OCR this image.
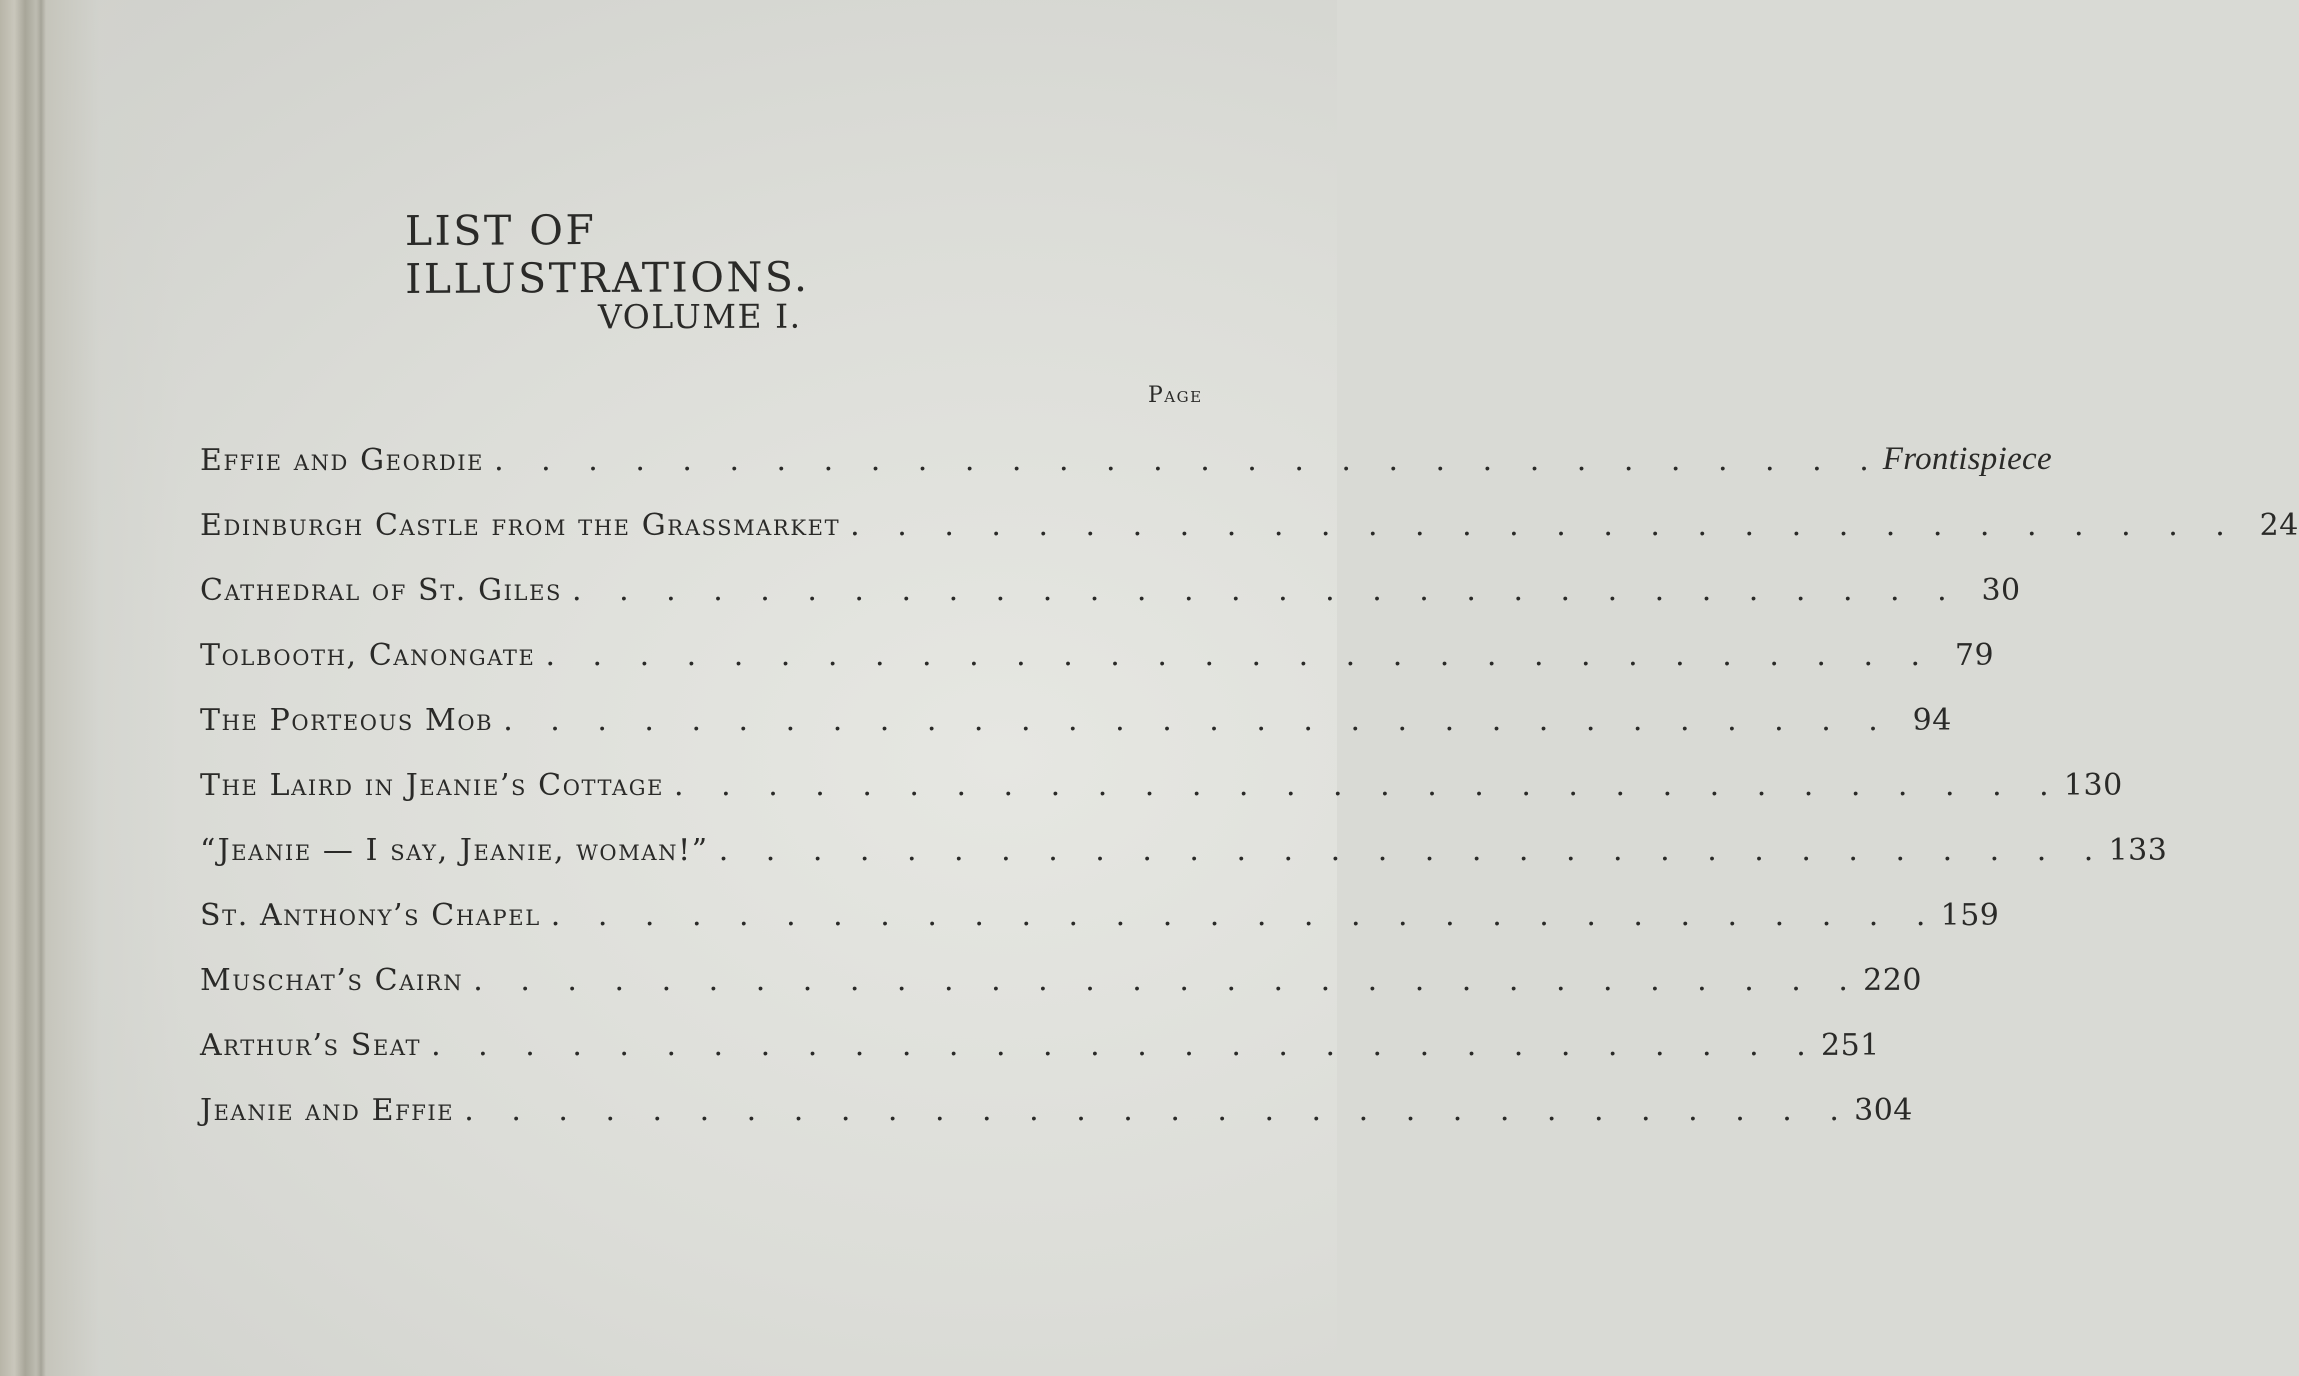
LIST OF ILLUSTRATIONS.
VOLUME I.
Page
Effie and Geordie . . . . . . . . . . . . . . . . . . . . . . . . . . . . . . Frontispiece
Edinburgh Castle from the Grassmarket . . . . . . . . . . . . . . . . . . . . . . . . . . . . . . 24
Cathedral of St. Giles . . . . . . . . . . . . . . . . . . . . . . . . . . . . . . 30
Tolbooth, Canongate . . . . . . . . . . . . . . . . . . . . . . . . . . . . . . 79
The Porteous Mob . . . . . . . . . . . . . . . . . . . . . . . . . . . . . . 94
The Laird in Jeanie’s Cottage . . . . . . . . . . . . . . . . . . . . . . . . . . . . . . 130
“Jeanie — I say, Jeanie, woman!” . . . . . . . . . . . . . . . . . . . . . . . . . . . . . . 133
St. Anthony’s Chapel . . . . . . . . . . . . . . . . . . . . . . . . . . . . . . 159
Muschat’s Cairn . . . . . . . . . . . . . . . . . . . . . . . . . . . . . . 220
Arthur’s Seat . . . . . . . . . . . . . . . . . . . . . . . . . . . . . . 251
Jeanie and Effie . . . . . . . . . . . . . . . . . . . . . . . . . . . . . . 304
